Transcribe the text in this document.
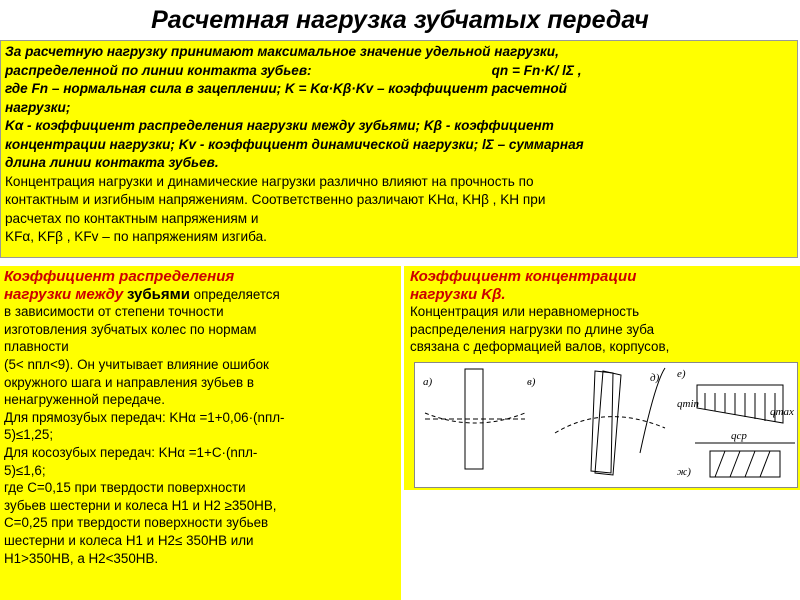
Расчетная нагрузка зубчатых передач

За расчетную нагрузку принимают максимальное значение удельной нагрузки,

распределенной по линии контакта зубьев:	qn = Fn·K/ lΣ ,

где Fn – нормальная сила в зацеплении; K = Kα·Kβ·Kv – коэффициент расчетной

нагрузки;

Kα - коэффициент распределения нагрузки между зубьями; Kβ - коэффициент

концентрации нагрузки; Kv - коэффициент динамической нагрузки; lΣ – суммарная

длина линии контакта зубьев.

Концентрация нагрузки и динамические нагрузки различно влияют на прочность по

контактным и изгибным напряжениям. Соответственно различают KHα, KHβ , KH при

расчетах по контактным напряжениям и

KFα, KFβ , KFv – по напряжениям изгиба.

Коэффициент распределения

нагрузки между зубьями определяется

в зависимости от степени точности

изготовления зубчатых колес по нормам

плавности

(5< nпл<9). Он учитывает влияние ошибок

окружного шага и направления зубьев в

ненагруженной передаче.

Для прямозубых передач: KHα =1+0,06·(nпл-

5)≤1,25;

Для косозубых передач: KHα =1+C·(nпл-

5)≤1,6;

где C=0,15 при твердости поверхности

зубьев шестерни и колеса H1 и H2 ≥350HB,

C=0,25 при твердости поверхности зубьев

шестерни и колеса H1 и H2≤ 350HB или

H1>350HB, а H2<350HB.

Коэффициент концентрации

нагрузки Kβ.

Концентрация или неравномерность

распределения нагрузки по длине зуба

связана с деформацией валов, корпусов,

а)	в)	д) е)
ж)
qmin
qmax
qср
